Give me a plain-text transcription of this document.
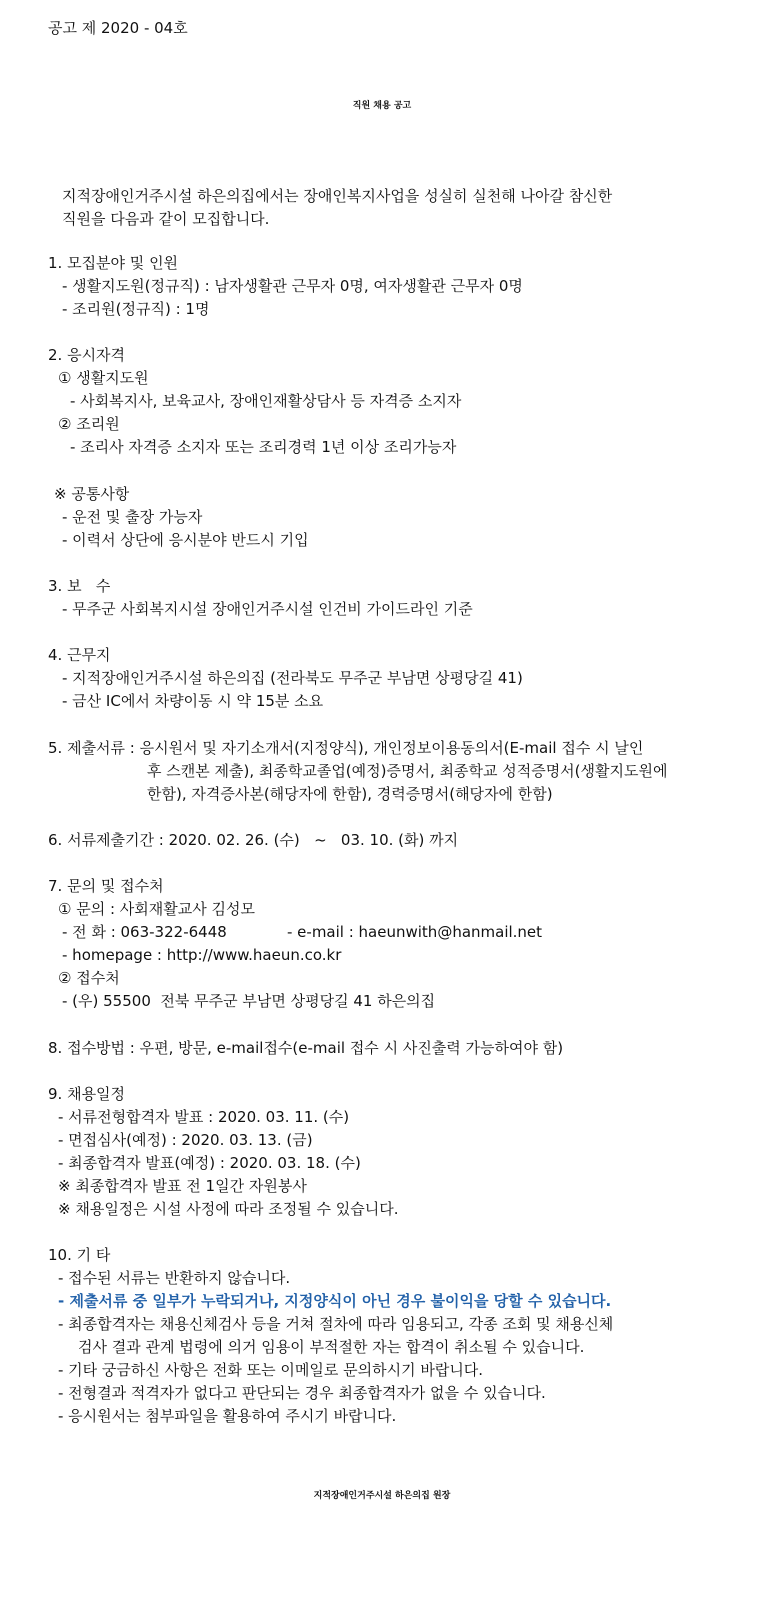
공고 제 2020 - 04호
직원 채용 공고
지적장애인거주시설 하은의집에서는 장애인복지사업을 성실히 실천해 나아갈 참신한
직원을 다음과 같이 모집합니다.
1. 모집분야 및 인원
- 생활지도원(정규직) : 남자생활관 근무자 0명, 여자생활관 근무자 0명
- 조리원(정규직) : 1명
2. 응시자격
① 생활지도원
- 사회복지사, 보육교사, 장애인재활상담사 등 자격증 소지자
② 조리원
- 조리사 자격증 소지자 또는 조리경력 1년 이상 조리가능자
※ 공통사항
- 운전 및 출장 가능자
- 이력서 상단에 응시분야 반드시 기입
3. 보   수
- 무주군 사회복지시설 장애인거주시설 인건비 가이드라인 기준
4. 근무지
- 지적장애인거주시설 하은의집 (전라북도 무주군 부남면 상평당길 41)
- 금산 IC에서 차량이동 시 약 15분 소요
5. 제출서류 : 응시원서 및 자기소개서(지정양식), 개인정보이용동의서(E-mail 접수 시 날인
후 스캔본 제출), 최종학교졸업(예정)증명서, 최종학교 성적증명서(생활지도원에
한함), 자격증사본(해당자에 한함), 경력증명서(해당자에 한함)
6. 서류제출기간 : 2020. 02. 26. (수)   ~   03. 10. (화) 까지
7. 문의 및 접수처
① 문의 : 사회재활교사 김성모
- 전 화 : 063-322-6448	- e-mail : haeunwith@hanmail.net
- homepage : http://www.haeun.co.kr
② 접수처
- (우) 55500  전북 무주군 부남면 상평당길 41 하은의집
8. 접수방법 : 우편, 방문, e-mail접수(e-mail 접수 시 사진출력 가능하여야 함)
9. 채용일정
- 서류전형합격자 발표 : 2020. 03. 11. (수)
- 면접심사(예정) : 2020. 03. 13. (금)
- 최종합격자 발표(예정) : 2020. 03. 18. (수)
※ 최종합격자 발표 전 1일간 자원봉사
※ 채용일정은 시설 사정에 따라 조정될 수 있습니다.
10. 기 타
- 접수된 서류는 반환하지 않습니다.
- 제출서류 중 일부가 누락되거나, 지정양식이 아닌 경우 불이익을 당할 수 있습니다.
- 최종합격자는 채용신체검사 등을 거쳐 절차에 따라 임용되고, 각종 조회 및 채용신체
검사 결과 관계 법령에 의거 임용이 부적절한 자는 합격이 취소될 수 있습니다.
- 기타 궁금하신 사항은 전화 또는 이메일로 문의하시기 바랍니다.
- 전형결과 적격자가 없다고 판단되는 경우 최종합격자가 없을 수 있습니다.
- 응시원서는 첨부파일을 활용하여 주시기 바랍니다.
지적장애인거주시설 하은의집 원장
